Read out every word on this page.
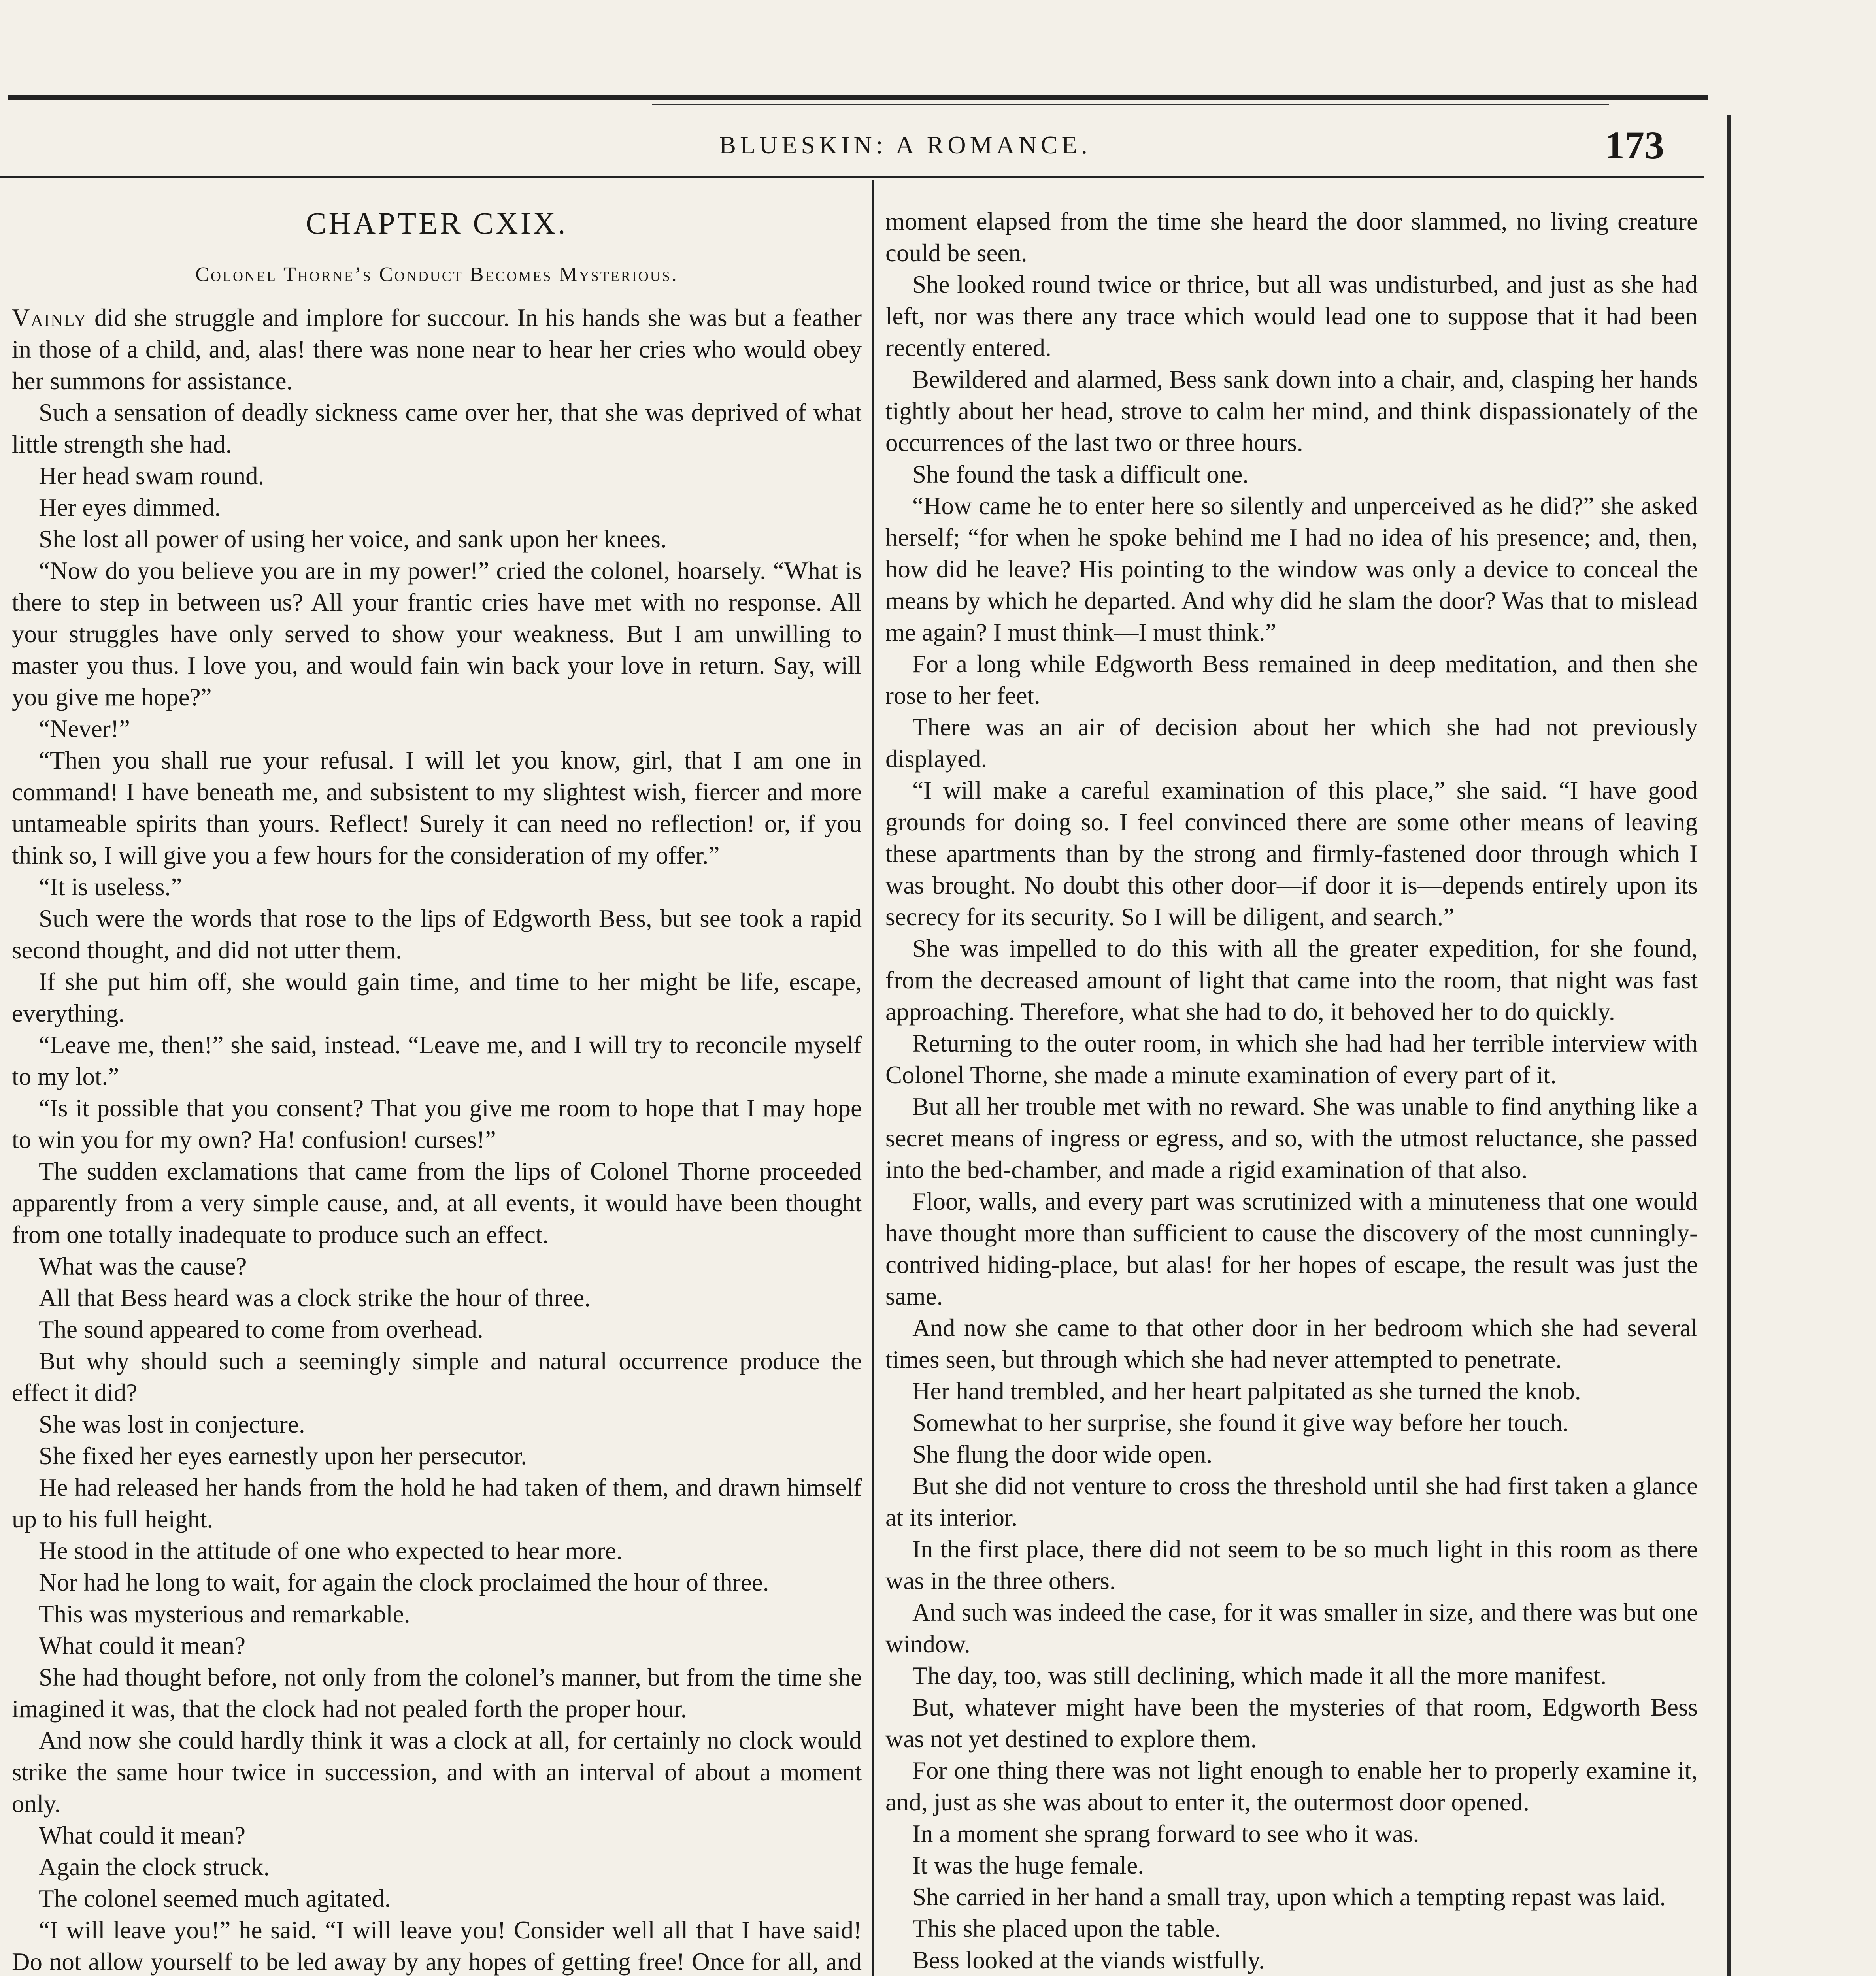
BLUESKIN: A ROMANCE.	173
CHAPTER CXIX.
Colonel Thorne’s Conduct Becomes Mysterious.

Vainly did she struggle and implore for succour. In his hands she was but a feather in those of a child, and, alas! there was none near to hear her cries who would obey her summons for assistance.

Such a sensation of deadly sickness came over her, that she was deprived of what little strength she had.

Her head swam round.

Her eyes dimmed.

She lost all power of using her voice, and sank upon her knees.

“Now do you believe you are in my power!” cried the colonel, hoarsely. “What is there to step in between us? All your frantic cries have met with no response. All your struggles have only served to show your weakness. But I am unwilling to master you thus. I love you, and would fain win back your love in return. Say, will you give me hope?”

“Never!”

“Then you shall rue your refusal. I will let you know, girl, that I am one in command! I have beneath me, and subsistent to my slightest wish, fiercer and more untameable spirits than yours. Reflect! Surely it can need no reflection! or, if you think so, I will give you a few hours for the consideration of my offer.”

“It is useless.”

Such were the words that rose to the lips of Edgworth Bess, but see took a rapid second thought, and did not utter them.

If she put him off, she would gain time, and time to her might be life, escape, everything.

“Leave me, then!” she said, instead. “Leave me, and I will try to reconcile myself to my lot.”

“Is it possible that you consent? That you give me room to hope that I may hope to win you for my own? Ha! confusion! curses!”

The sudden exclamations that came from the lips of Colonel Thorne proceeded apparently from a very simple cause, and, at all events, it would have been thought from one totally inadequate to produce such an effect.

What was the cause?

All that Bess heard was a clock strike the hour of three.

The sound appeared to come from overhead.

But why should such a seemingly simple and natural occurrence produce the effect it did?

She was lost in conjecture.

She fixed her eyes earnestly upon her persecutor.

He had released her hands from the hold he had taken of them, and drawn himself up to his full height.

He stood in the attitude of one who expected to hear more.

Nor had he long to wait, for again the clock proclaimed the hour of three.

This was mysterious and remarkable.

What could it mean?

She had thought before, not only from the colonel’s manner, but from the time she imagined it was, that the clock had not pealed forth the proper hour.

And now she could hardly think it was a clock at all, for certainly no clock would strike the same hour twice in succession, and with an interval of about a moment only.

What could it mean?

Again the clock struck.

The colonel seemed much agitated.

“I will leave you!” he said. “I will leave you! Consider well all that I have said! Do not allow yourself to be led away by any hopes of getting free! Once for all, and

moment elapsed from the time she heard the door slammed, no living creature could be seen.

She looked round twice or thrice, but all was undisturbed, and just as she had left, nor was there any trace which would lead one to suppose that it had been recently entered.

Bewildered and alarmed, Bess sank down into a chair, and, clasping her hands tightly about her head, strove to calm her mind, and think dispassionately of the occurrences of the last two or three hours.

She found the task a difficult one.

“How came he to enter here so silently and unperceived as he did?” she asked herself; “for when he spoke behind me I had no idea of his presence; and, then, how did he leave? His pointing to the window was only a device to conceal the means by which he departed. And why did he slam the door? Was that to mislead me again? I must think—I must think.”

For a long while Edgworth Bess remained in deep meditation, and then she rose to her feet.

There was an air of decision about her which she had not previously displayed.

“I will make a careful examination of this place,” she said. “I have good grounds for doing so. I feel convinced there are some other means of leaving these apartments than by the strong and firmly-fastened door through which I was brought. No doubt this other door—if door it is—depends entirely upon its secrecy for its security. So I will be diligent, and search.”

She was impelled to do this with all the greater expedition, for she found, from the decreased amount of light that came into the room, that night was fast approaching. Therefore, what she had to do, it behoved her to do quickly.

Returning to the outer room, in which she had had her terrible interview with Colonel Thorne, she made a minute examination of every part of it.

But all her trouble met with no reward. She was unable to find anything like a secret means of ingress or egress, and so, with the utmost reluctance, she passed into the bed-chamber, and made a rigid examination of that also.

Floor, walls, and every part was scrutinized with a minuteness that one would have thought more than sufficient to cause the discovery of the most cunningly-contrived hiding-place, but alas! for her hopes of escape, the result was just the same.

And now she came to that other door in her bedroom which she had several times seen, but through which she had never attempted to penetrate.

Her hand trembled, and her heart palpitated as she turned the knob.

Somewhat to her surprise, she found it give way before her touch.

She flung the door wide open.

But she did not venture to cross the threshold until she had first taken a glance at its interior.

In the first place, there did not seem to be so much light in this room as there was in the three others.

And such was indeed the case, for it was smaller in size, and there was but one window.

The day, too, was still declining, which made it all the more manifest.

But, whatever might have been the mysteries of that room, Edgworth Bess was not yet destined to explore them.

For one thing there was not light enough to enable her to properly examine it, and, just as she was about to enter it, the outermost door opened.

In a moment she sprang forward to see who it was.

It was the huge female.

She carried in her hand a small tray, upon which a tempting repast was laid.

This she placed upon the table.

Bess looked at the viands wistfully.
